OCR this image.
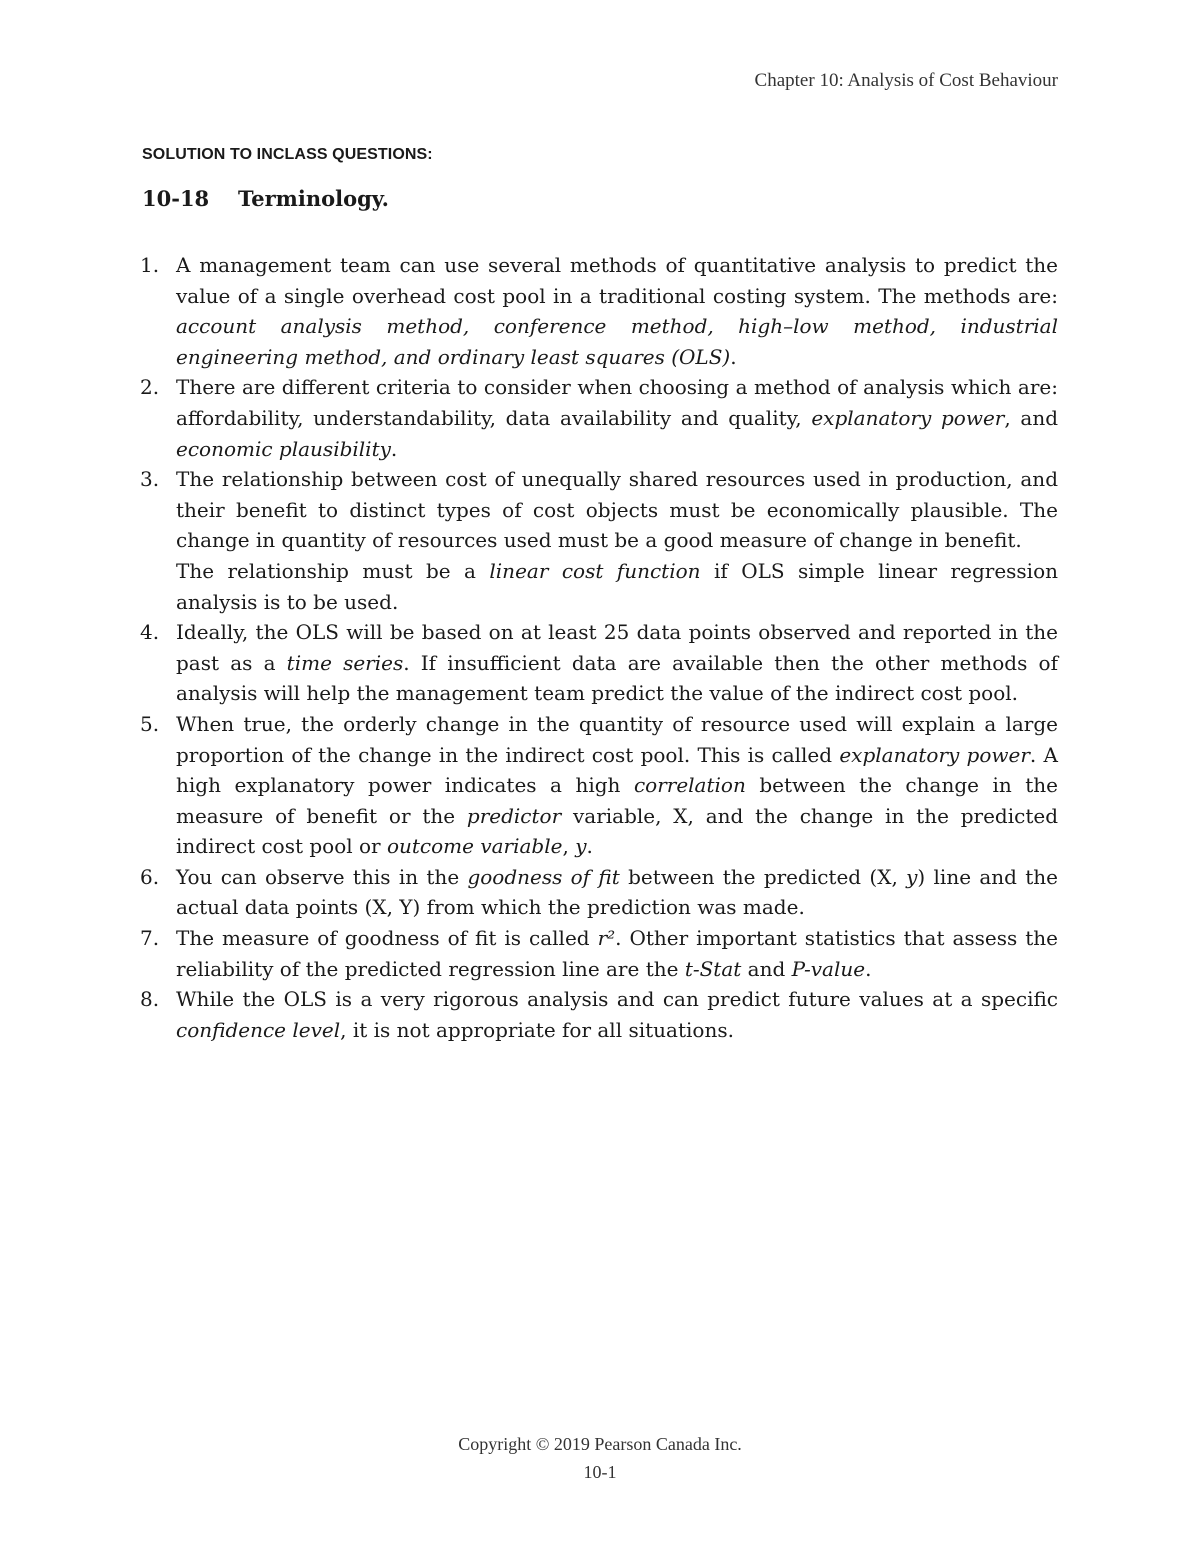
Chapter 10: Analysis of Cost Behaviour
SOLUTION TO INCLASS QUESTIONS:
10-18 Terminology.
1. A management team can use several methods of quantitative analysis to predict the value of a single overhead cost pool in a traditional costing system. The methods are: account analysis method, conference method, high–low method, industrial engineering method, and ordinary least squares (OLS).
2. There are different criteria to consider when choosing a method of analysis which are: affordability, understandability, data availability and quality, explanatory power, and economic plausibility.
3. The relationship between cost of unequally shared resources used in production, and their benefit to distinct types of cost objects must be economically plausible. The change in quantity of resources used must be a good measure of change in benefit.
The relationship must be a linear cost function if OLS simple linear regression analysis is to be used.
4. Ideally, the OLS will be based on at least 25 data points observed and reported in the past as a time series. If insufficient data are available then the other methods of analysis will help the management team predict the value of the indirect cost pool.
5. When true, the orderly change in the quantity of resource used will explain a large proportion of the change in the indirect cost pool. This is called explanatory power. A high explanatory power indicates a high correlation between the change in the measure of benefit or the predictor variable, X, and the change in the predicted indirect cost pool or outcome variable, y.
6. You can observe this in the goodness of fit between the predicted (X, y) line and the actual data points (X, Y) from which the prediction was made.
7. The measure of goodness of fit is called r². Other important statistics that assess the reliability of the predicted regression line are the t-Stat and P-value.
8. While the OLS is a very rigorous analysis and can predict future values at a specific confidence level, it is not appropriate for all situations.
Copyright © 2019 Pearson Canada Inc.
10-1
